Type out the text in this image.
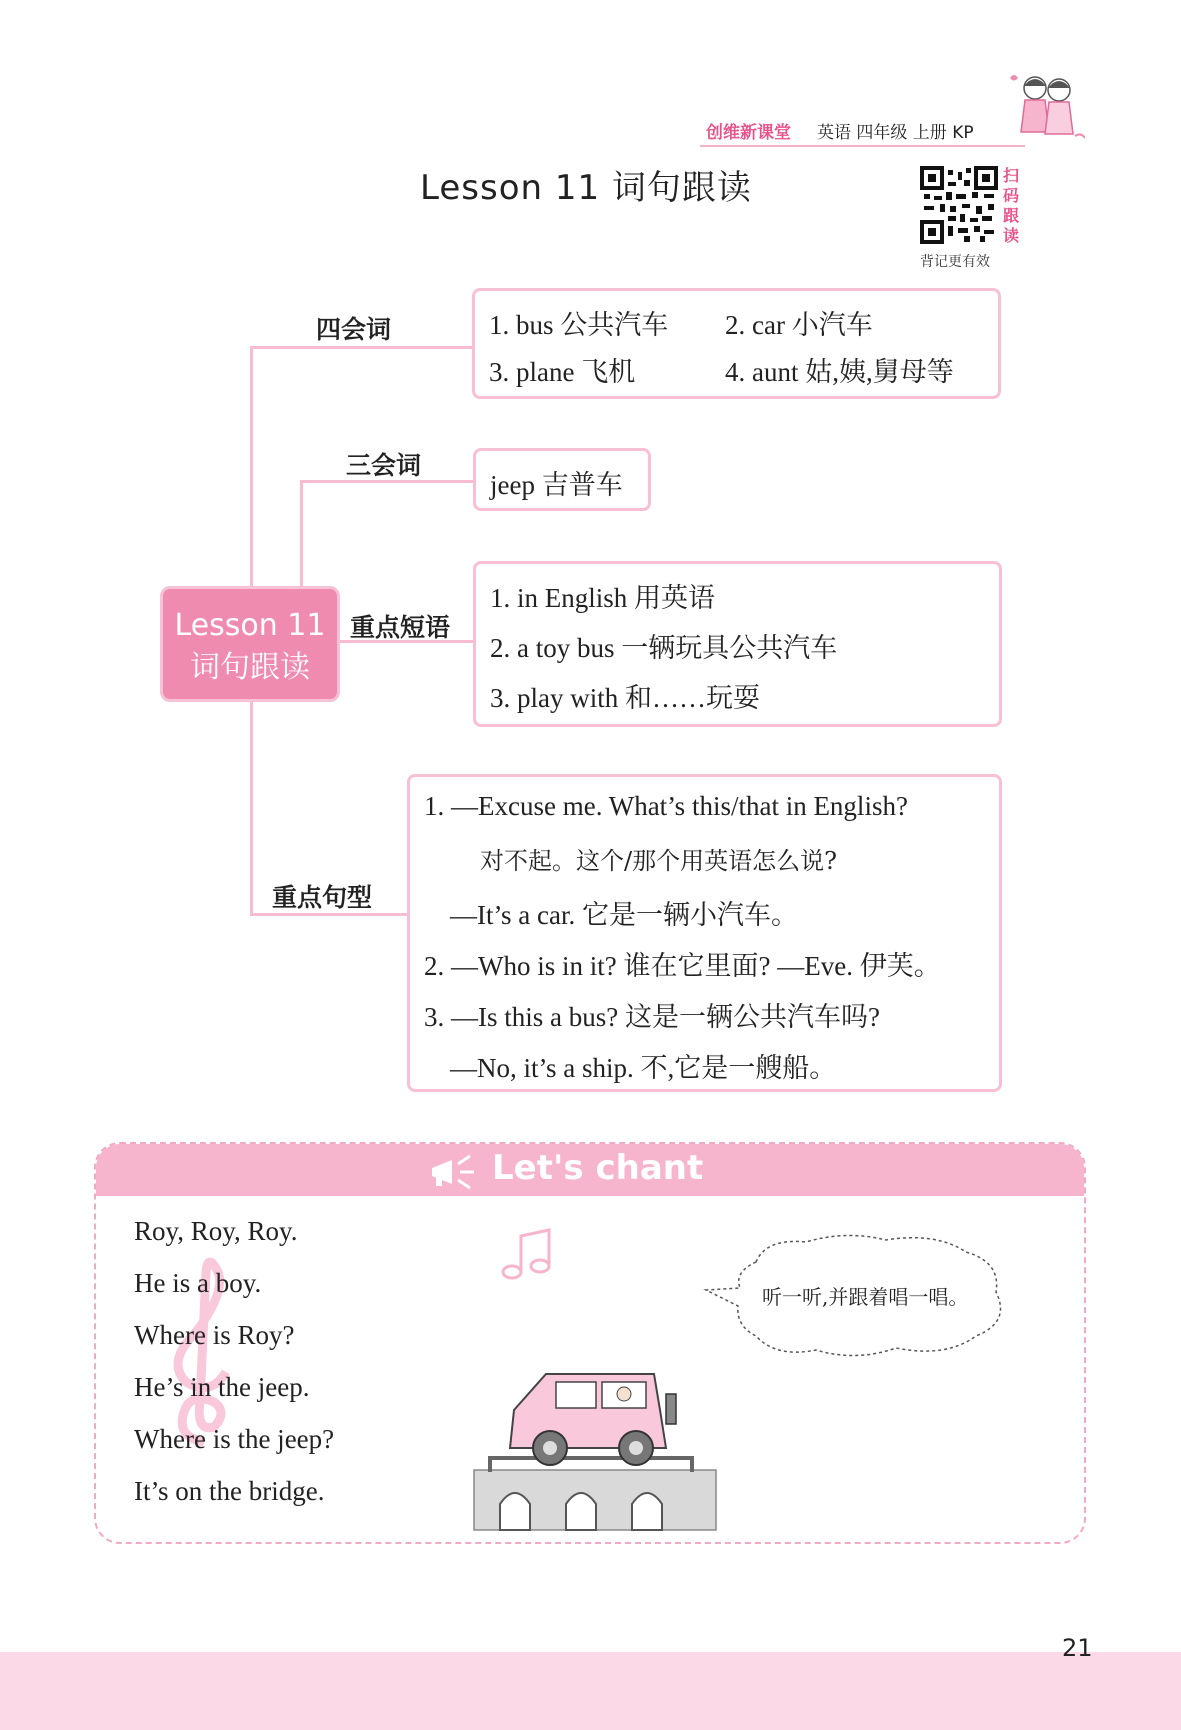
创维新课堂 英语 四年级 上册 KP
Lesson 11 词句跟读	扫
码
跟
读
背记更有效
Lesson 11
词句跟读
四会词	1. bus 公共汽车 2. car 小汽车
3. plane 飞机	4. aunt 姑,姨,舅母等
三会词
jeep 吉普车
重点短语
1. in English 用英语
2. a toy bus 一辆玩具公共汽车
3. play with 和……玩耍
重点句型
1. —Excuse me. What’s this/that in English?
对不起。这个/那个用英语怎么说?
—It’s a car. 它是一辆小汽车。
2. —Who is in it? 谁在它里面? —Eve. 伊芙。
3. —Is this a bus? 这是一辆公共汽车吗?
—No, it’s a ship. 不,它是一艘船。
Let's chant
Roy, Roy, Roy.
He is a boy.
Where is Roy?
He’s in the jeep.
Where is the jeep?
It’s on the bridge.
听一听,并跟着唱一唱。
21
